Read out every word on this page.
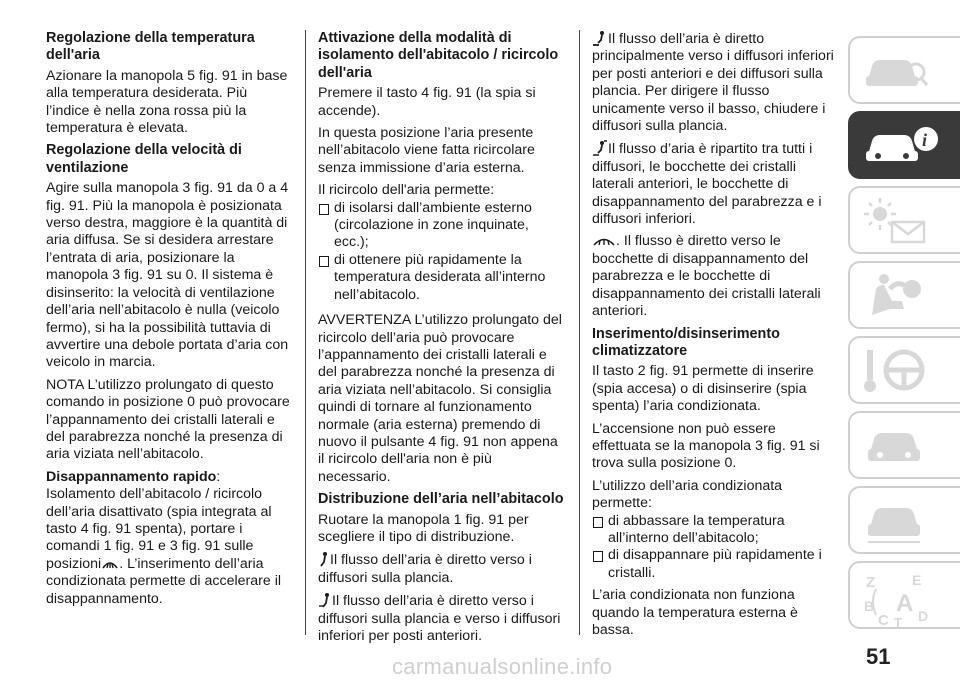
Regolazione della temperatura dell'aria

Azionare la manopola 5 fig. 91 in base alla temperatura desiderata. Più l’indice è nella zona rossa più la temperatura è elevata.

Regolazione della velocità di ventilazione

Agire sulla manopola 3 fig. 91 da 0 a 4 fig. 91. Più la manopola è posizionata verso destra, maggiore è la quantità di aria diffusa. Se si desidera arrestare l’entrata di aria, posizionare la manopola 3 fig. 91 su 0. Il sistema è disinserito: la velocità di ventilazione dell’aria nell’abitacolo è nulla (veicolo fermo), si ha la possibilità tuttavia di avvertire una debole portata d’aria con veicolo in marcia.

NOTA L’utilizzo prolungato di questo comando in posizione 0 può provocare l’appannamento dei cristalli laterali e del parabrezza nonché la presenza di aria viziata nell’abitacolo.

Disappannamento rapido:
Isolamento dell’abitacolo / ricircolo dell’aria disattivato (spia integrata al tasto 4 fig. 91 spenta), portare i comandi 1 fig. 91 e 3 fig. 91 sulle posizioni . L’inserimento dell’aria condizionata permette di accelerare il disappannamento.

Attivazione della modalità di isolamento dell'abitacolo / ricircolo dell'aria

Premere il tasto 4 fig. 91 (la spia si accende).

In questa posizione l’aria presente nell’abitacolo viene fatta ricircolare senza immissione d’aria esterna.

Il ricircolo dell'aria permette:

di isolarsi dall’ambiente esterno (circolazione in zone inquinate, ecc.);
di ottenere più rapidamente la temperatura desiderata all’interno nell’abitacolo.

AVVERTENZA L’utilizzo prolungato del ricircolo dell’aria può provocare l’appannamento dei cristalli laterali e del parabrezza nonché la presenza di aria viziata nell’abitacolo. Si consiglia quindi di tornare al funzionamento normale (aria esterna) premendo di nuovo il pulsante 4 fig. 91 non appena il ricircolo dell'aria non è più necessario.

Distribuzione dell’aria nell’abitacolo

Ruotare la manopola 1 fig. 91 per scegliere il tipo di distribuzione.

Il flusso dell’aria è diretto verso i diffusori sulla plancia.

Il flusso dell’aria è diretto verso i diffusori sulla plancia e verso i diffusori inferiori per posti anteriori.

Il flusso dell’aria è diretto principalmente verso i diffusori inferiori per posti anteriori e dei diffusori sulla plancia. Per dirigere il flusso unicamente verso il basso, chiudere i diffusori sulla plancia.

Il flusso d’aria è ripartito tra tutti i diffusori, le bocchette dei cristalli laterali anteriori, le bocchette di disappannamento del parabrezza e i diffusori inferiori.

. Il flusso è diretto verso le bocchette di disappannamento del parabrezza e le bocchette di disappannamento dei cristalli laterali anteriori.

Inserimento/disinserimento climatizzatore

Il tasto 2 fig. 91 permette di inserire (spia accesa) o di disinserire (spia spenta) l’aria condizionata.

L’accensione non può essere effettuata se la manopola 3 fig. 91 si trova sulla posizione 0.

L’utilizzo dell’aria condizionata permette:

di abbassare la temperatura all’interno dell’abitacolo;
di disappannare più rapidamente i cristalli.

L’aria condizionata non funziona quando la temperatura esterna è bassa.

i
Z	E
B A
C T D
51
carmanualsonline.info
